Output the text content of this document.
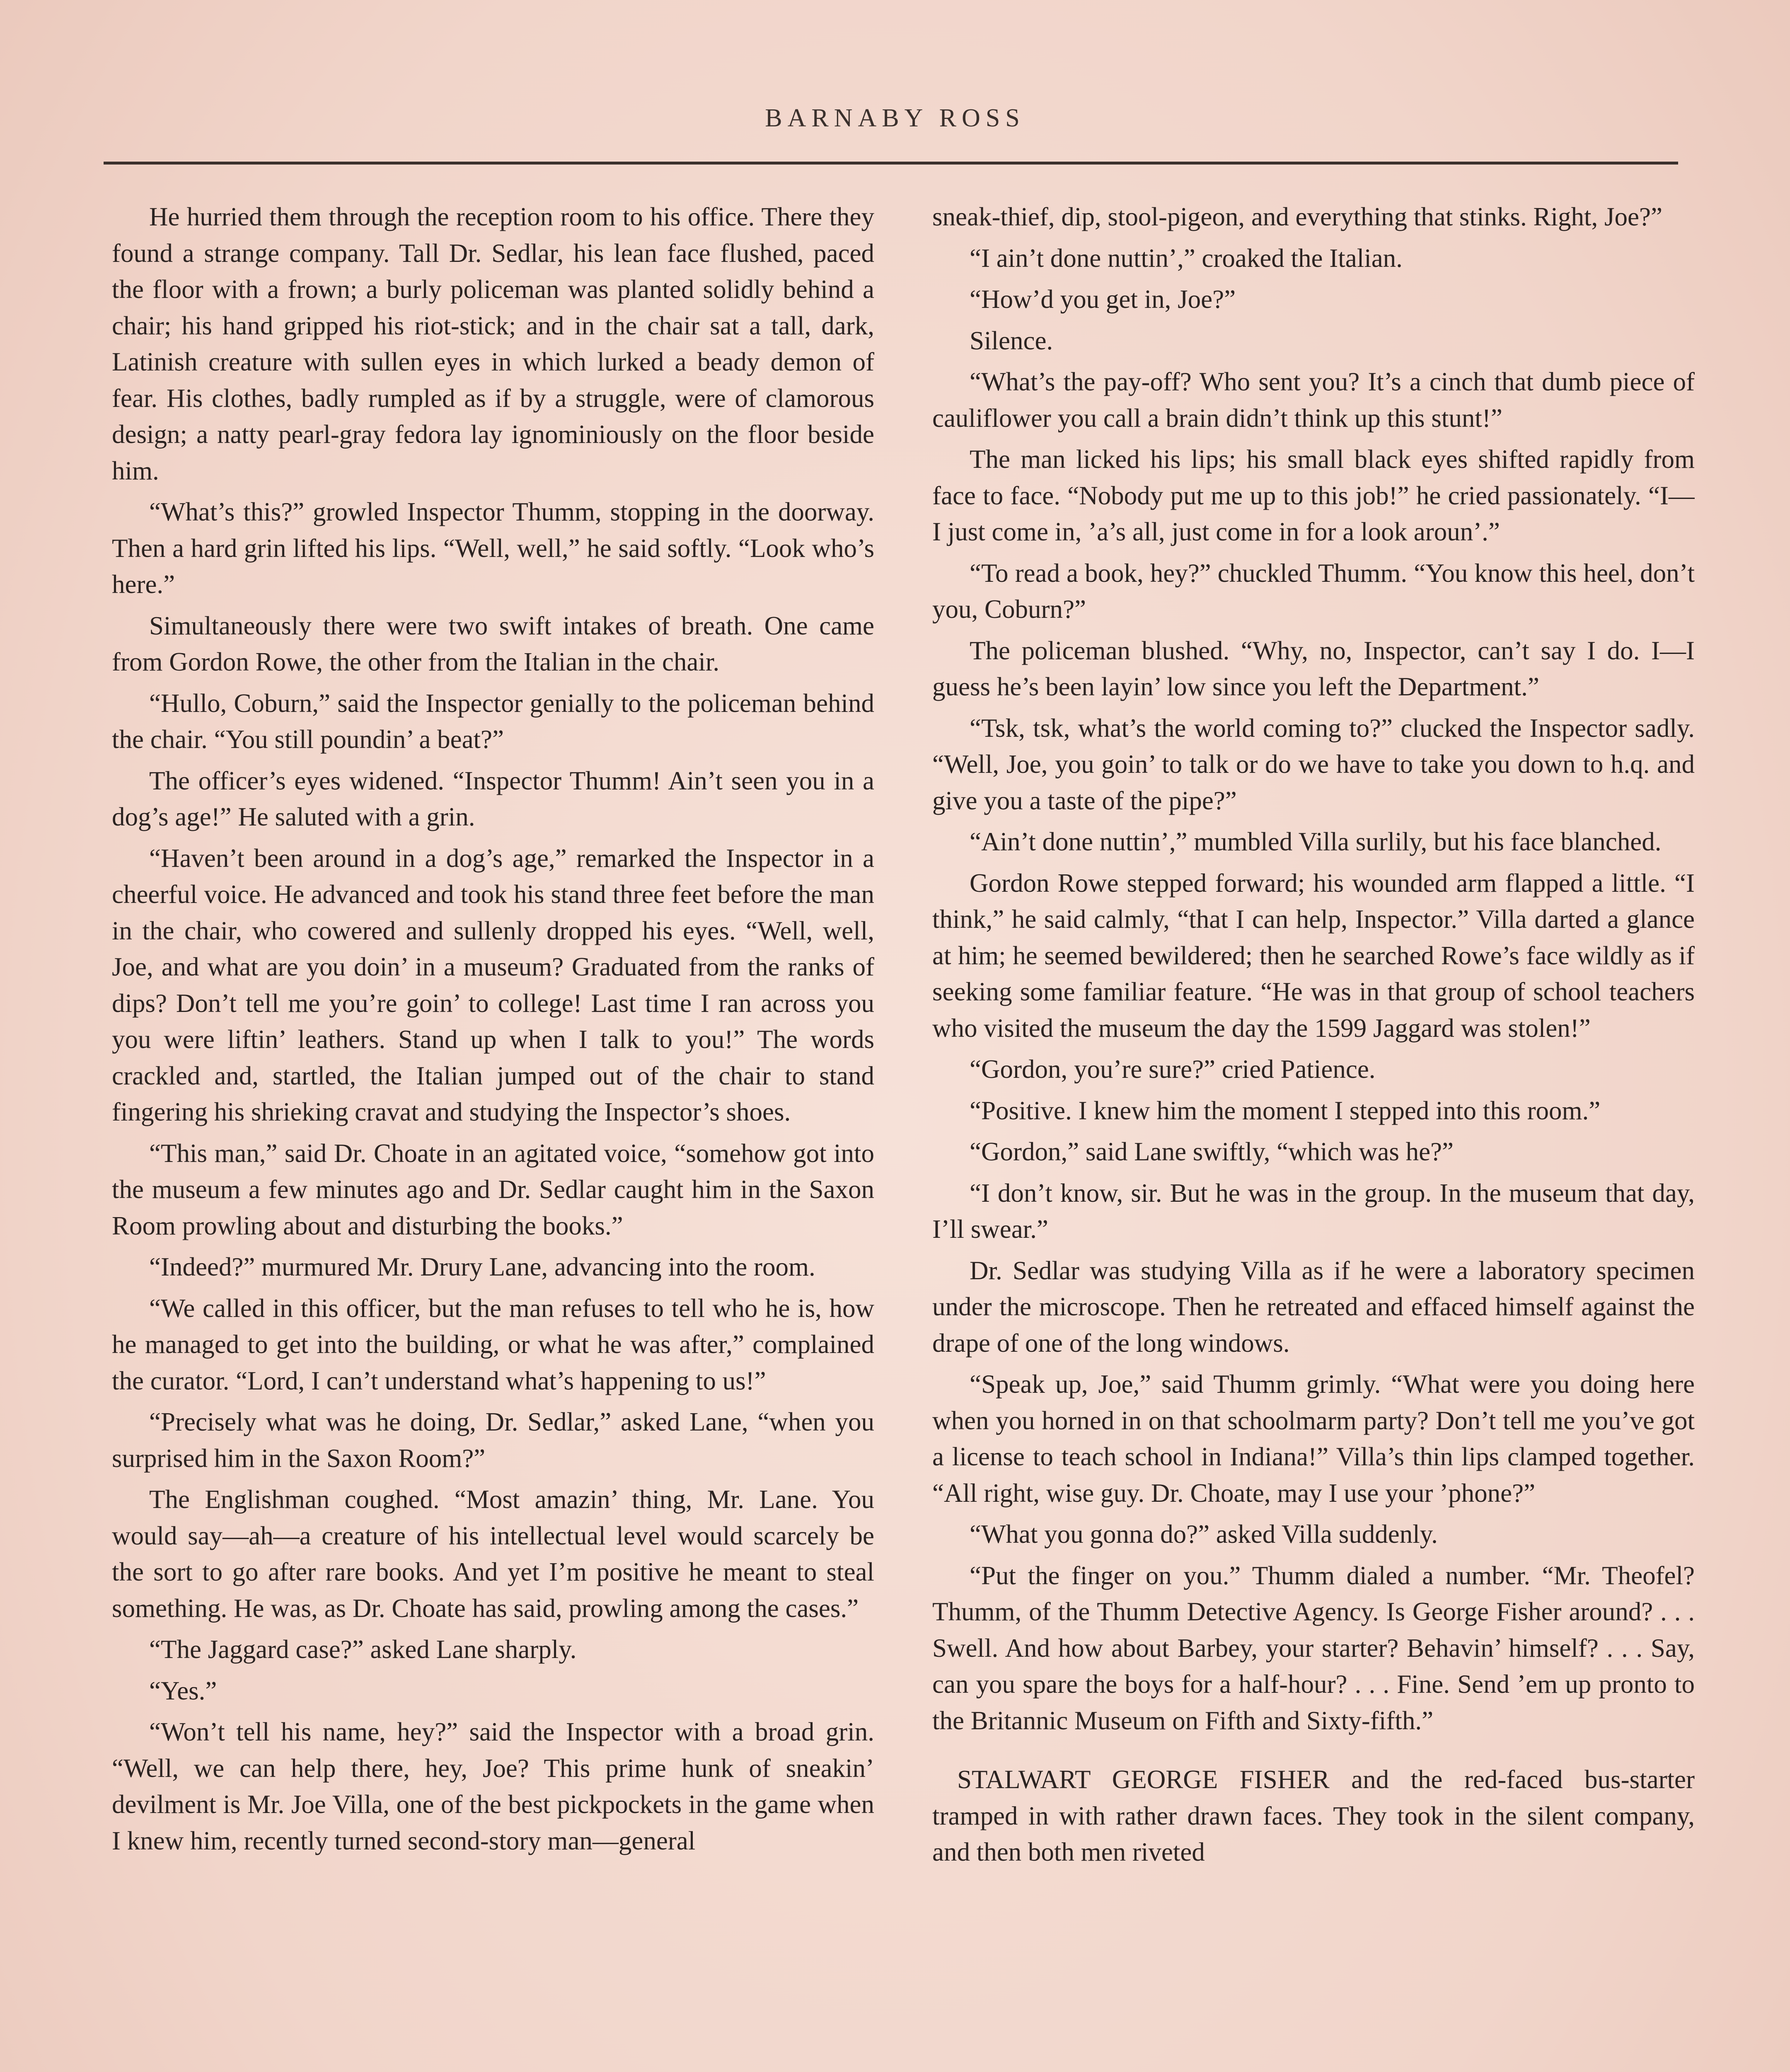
BARNABY ROSS

He hurried them through the reception room to his office. There they found a strange company. Tall Dr. Sedlar, his lean face flushed, paced the floor with a frown; a burly policeman was planted solidly behind a chair; his hand gripped his riot-stick; and in the chair sat a tall, dark, Latinish creature with sullen eyes in which lurked a beady demon of fear. His clothes, badly rumpled as if by a struggle, were of clamorous design; a natty pearl-gray fedora lay ignominiously on the floor beside him.

“What’s this?” growled Inspector Thumm, stopping in the doorway. Then a hard grin lifted his lips. “Well, well,” he said softly. “Look who’s here.”

Simultaneously there were two swift intakes of breath. One came from Gordon Rowe, the other from the Italian in the chair.

“Hullo, Coburn,” said the Inspector genially to the policeman behind the chair. “You still poundin’ a beat?”

The officer’s eyes widened. “Inspector Thumm! Ain’t seen you in a dog’s age!” He saluted with a grin.

“Haven’t been around in a dog’s age,” remarked the Inspector in a cheerful voice. He advanced and took his stand three feet before the man in the chair, who cowered and sullenly dropped his eyes. “Well, well, Joe, and what are you doin’ in a museum? Graduated from the ranks of dips? Don’t tell me you’re goin’ to college! Last time I ran across you you were liftin’ leathers. Stand up when I talk to you!” The words crackled and, startled, the Italian jumped out of the chair to stand fingering his shrieking cravat and studying the Inspector’s shoes.

“This man,” said Dr. Choate in an agitated voice, “somehow got into the museum a few minutes ago and Dr. Sedlar caught him in the Saxon Room prowling about and disturbing the books.”

“Indeed?” murmured Mr. Drury Lane, advancing into the room.

“We called in this officer, but the man refuses to tell who he is, how he managed to get into the building, or what he was after,” complained the curator. “Lord, I can’t understand what’s happening to us!”

“Precisely what was he doing, Dr. Sedlar,” asked Lane, “when you surprised him in the Saxon Room?”

The Englishman coughed. “Most amazin’ thing, Mr. Lane. You would say—ah—a creature of his intellectual level would scarcely be the sort to go after rare books. And yet I’m positive he meant to steal something. He was, as Dr. Choate has said, prowling among the cases.”

“The Jaggard case?” asked Lane sharply.

“Yes.”

“Won’t tell his name, hey?” said the Inspector with a broad grin. “Well, we can help there, hey, Joe? This prime hunk of sneakin’ devilment is Mr. Joe Villa, one of the best pickpockets in the game when I knew him, recently turned second-story man—general

sneak-thief, dip, stool-pigeon, and everything that stinks. Right, Joe?”

“I ain’t done nuttin’,” croaked the Italian.

“How’d you get in, Joe?”

Silence.

“What’s the pay-off? Who sent you? It’s a cinch that dumb piece of cauliflower you call a brain didn’t think up this stunt!”

The man licked his lips; his small black eyes shifted rapidly from face to face. “Nobody put me up to this job!” he cried passionately. “I—I just come in, ’a’s all, just come in for a look aroun’.”

“To read a book, hey?” chuckled Thumm. “You know this heel, don’t you, Coburn?”

The policeman blushed. “Why, no, Inspector, can’t say I do. I—I guess he’s been layin’ low since you left the Department.”

“Tsk, tsk, what’s the world coming to?” clucked the Inspector sadly. “Well, Joe, you goin’ to talk or do we have to take you down to h.q. and give you a taste of the pipe?”

“Ain’t done nuttin’,” mumbled Villa surlily, but his face blanched.

Gordon Rowe stepped forward; his wounded arm flapped a little. “I think,” he said calmly, “that I can help, Inspector.” Villa darted a glance at him; he seemed bewildered; then he searched Rowe’s face wildly as if seeking some familiar feature. “He was in that group of school teachers who visited the museum the day the 1599 Jaggard was stolen!”

“Gordon, you’re sure?” cried Patience.

“Positive. I knew him the moment I stepped into this room.”

“Gordon,” said Lane swiftly, “which was he?”

“I don’t know, sir. But he was in the group. In the museum that day, I’ll swear.”

Dr. Sedlar was studying Villa as if he were a laboratory specimen under the microscope. Then he retreated and effaced himself against the drape of one of the long windows.

“Speak up, Joe,” said Thumm grimly. “What were you doing here when you horned in on that schoolmarm party? Don’t tell me you’ve got a license to teach school in Indiana!” Villa’s thin lips clamped together. “All right, wise guy. Dr. Choate, may I use your ’phone?”

“What you gonna do?” asked Villa suddenly.

“Put the finger on you.” Thumm dialed a number. “Mr. Theofel? Thumm, of the Thumm Detective Agency. Is George Fisher around? . . . Swell. And how about Barbey, your starter? Behavin’ himself? . . . Say, can you spare the boys for a half-hour? . . . Fine. Send ’em up pronto to the Britannic Museum on Fifth and Sixty-fifth.”

STALWART GEORGE FISHER and the red-faced bus-starter tramped in with rather drawn faces. They took in the silent company, and then both men riveted
